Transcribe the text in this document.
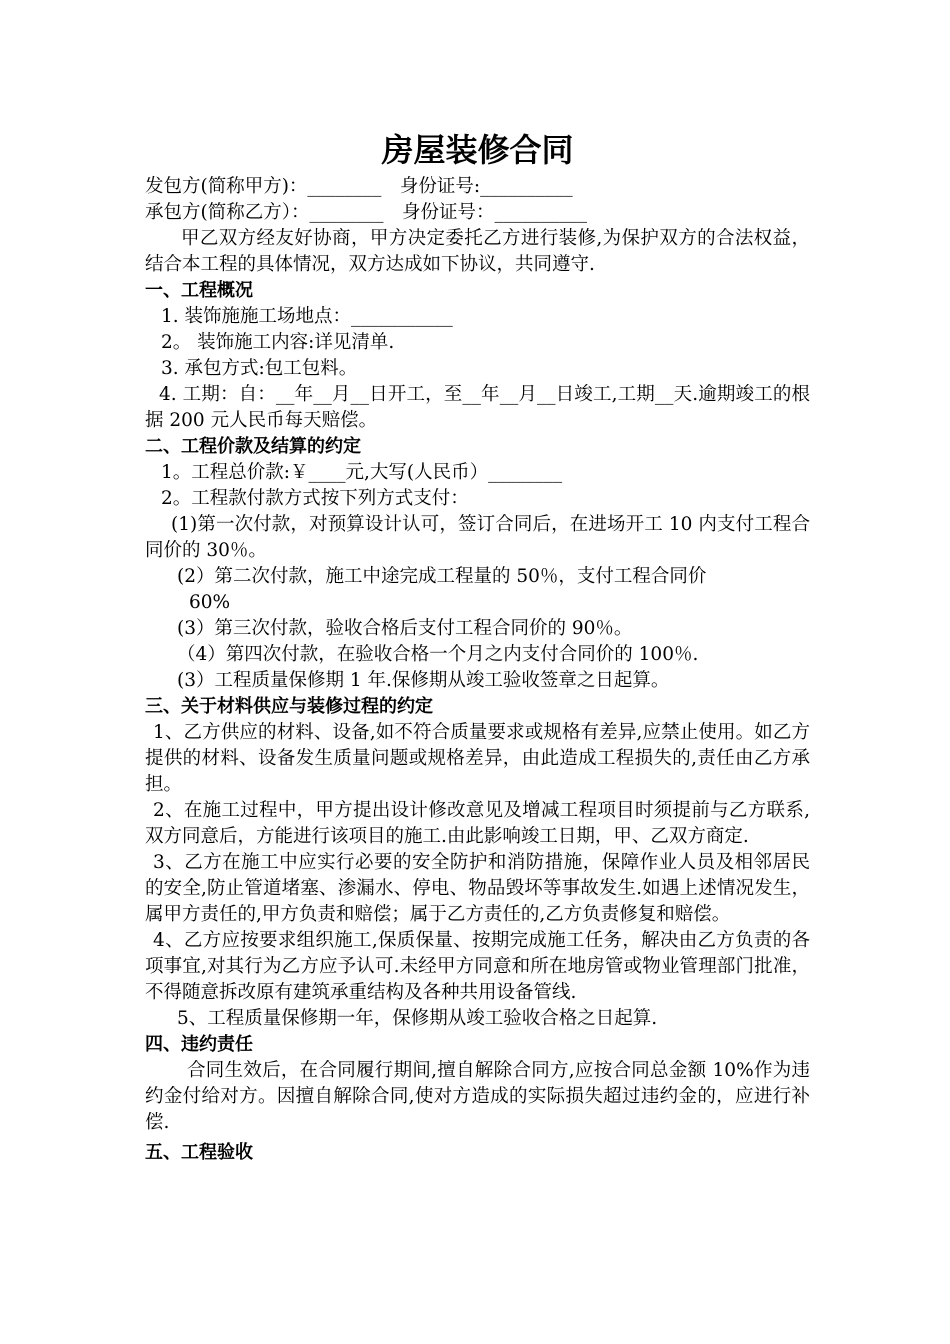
房屋装修合同
发包方(简称甲方)：________　身份证号:__________
承包方(简称乙方）：________　身份证号：__________
甲乙双方经友好协商，甲方决定委托乙方进行装修,为保护双方的合法权益，结合本工程的具体情况，双方达成如下协议，共同遵守.
一、工程概况
1. 装饰施施工场地点：___________
2。 装饰施工内容:详见清单.
3. 承包方式:包工包料。
4. 工期：自：__年__月__日开工，至__年__月__日竣工,工期__天.逾期竣工的根据 200 元人民币每天赔偿。
二、工程价款及结算的约定
1。工程总价款:￥____元,大写(人民币）________
2。工程款付款方式按下列方式支付：
(1)第一次付款，对预算设计认可，签订合同后，在进场开工 10 内支付工程合同价的 30％。
(2）第二次付款，施工中途完成工程量的 50％，支付工程合同价
60%
(3）第三次付款，验收合格后支付工程合同价的 90％。
（4）第四次付款，在验收合格一个月之内支付合同价的 100％.
(3）工程质量保修期 1 年.保修期从竣工验收签章之日起算。
三、关于材料供应与装修过程的约定
1、乙方供应的材料、设备,如不符合质量要求或规格有差异,应禁止使用。如乙方提供的材料、设备发生质量问题或规格差异，由此造成工程损失的,责任由乙方承担。
2、在施工过程中，甲方提出设计修改意见及增减工程项目时须提前与乙方联系,双方同意后，方能进行该项目的施工.由此影响竣工日期，甲、乙双方商定.
3、乙方在施工中应实行必要的安全防护和消防措施，保障作业人员及相邻居民的安全,防止管道堵塞、渗漏水、停电、物品毁坏等事故发生.如遇上述情况发生，属甲方责任的,甲方负责和赔偿；属于乙方责任的,乙方负责修复和赔偿。
4、乙方应按要求组织施工,保质保量、按期完成施工任务，解决由乙方负责的各项事宜,对其行为乙方应予认可.未经甲方同意和所在地房管或物业管理部门批准，不得随意拆改原有建筑承重结构及各种共用设备管线.
5、工程质量保修期一年，保修期从竣工验收合格之日起算.
四、违约责任
合同生效后，在合同履行期间,擅自解除合同方,应按合同总金额 10%作为违约金付给对方。因擅自解除合同,使对方造成的实际损失超过违约金的，应进行补偿.
五、工程验收
